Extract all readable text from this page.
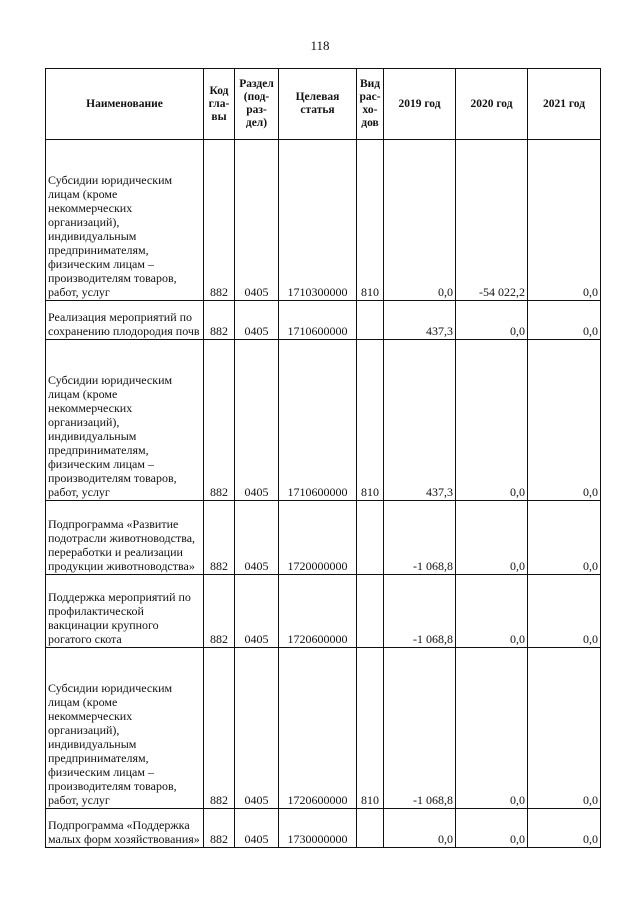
118
Наименование	Код гла-вы	Раздел (под-раз-дел)	Целевая статья	Вид рас-хо-дов	2019 год	2020 год	2021 год
Субсидии юридическим лицам (кроме некоммерческих организаций), индивидуальным предпринимателям, физическим лицам – производителям товаров, работ, услуг	882	0405	1710300000	810	0,0	-54 022,2	0,0
Реализация мероприятий по сохранению плодородия почв	882	0405	1710600000		437,3	0,0	0,0
Субсидии юридическим лицам (кроме некоммерческих организаций), индивидуальным предпринимателям, физическим лицам – производителям товаров, работ, услуг	882	0405	1710600000	810	437,3	0,0	0,0
Подпрограмма «Развитие подотрасли животноводства, переработки и реализации продукции животноводства»	882	0405	1720000000		-1 068,8	0,0	0,0
Поддержка мероприятий по профилактической вакцинации крупного рогатого скота	882	0405	1720600000		-1 068,8	0,0	0,0
Субсидии юридическим лицам (кроме некоммерческих организаций), индивидуальным предпринимателям, физическим лицам – производителям товаров, работ, услуг	882	0405	1720600000	810	-1 068,8	0,0	0,0
Подпрограмма «Поддержка малых форм хозяйствования»	882	0405	1730000000		0,0	0,0	0,0
